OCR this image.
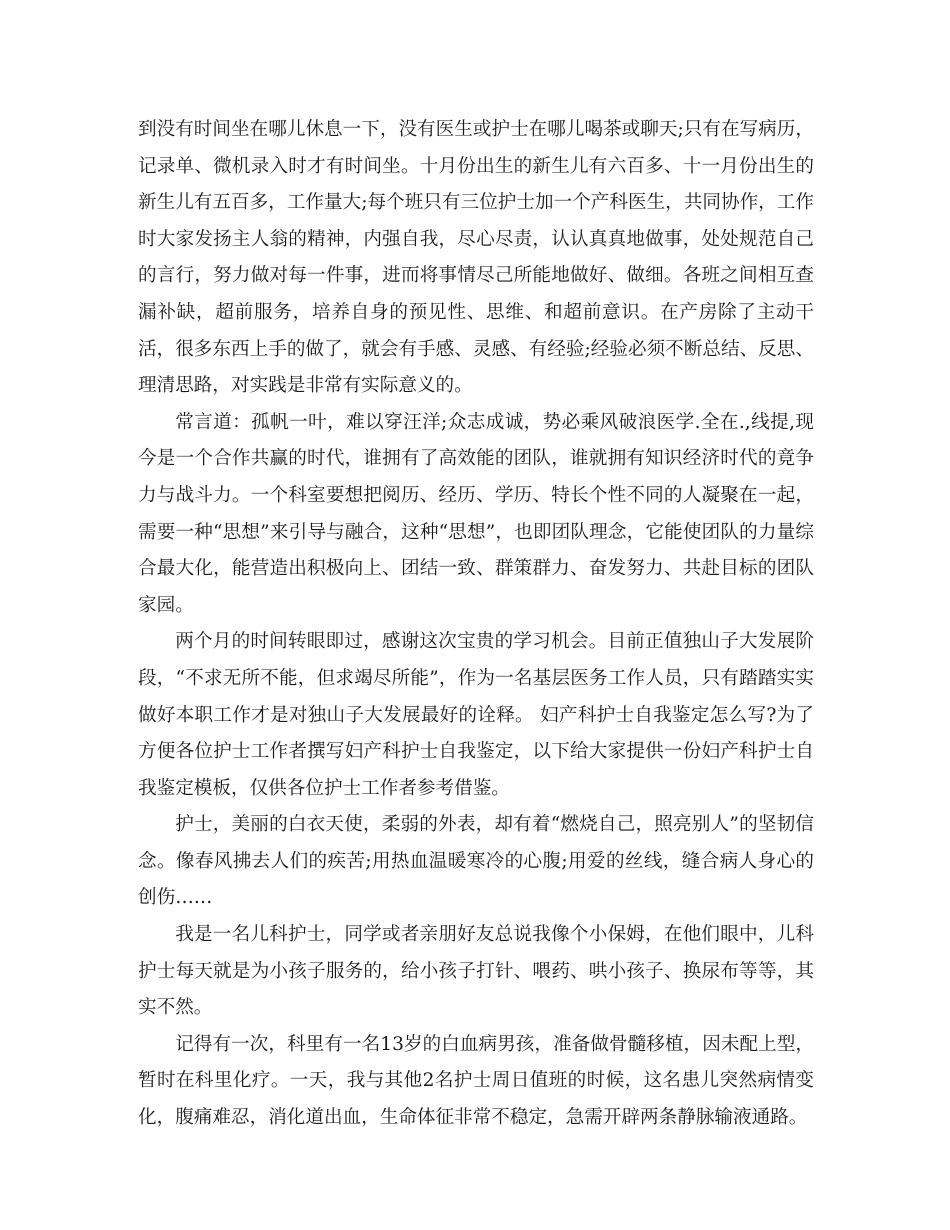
到没有时间坐在哪儿休息一下，没有医生或护士在哪儿喝茶或聊天;只有在写病历，记录单、微机录入时才有时间坐。十月份出生的新生儿有六百多、十一月份出生的新生儿有五百多，工作量大;每个班只有三位护士加一个产科医生，共同协作，工作时大家发扬主人翁的精神，内强自我，尽心尽责，认认真真地做事，处处规范自己的言行，努力做对每一件事，进而将事情尽己所能地做好、做细。各班之间相互查漏补缺，超前服务，培养自身的预见性、思维、和超前意识。在产房除了主动干活，很多东西上手的做了，就会有手感、灵感、有经验;经验必须不断总结、反思、理清思路，对实践是非常有实际意义的。

常言道：孤帆一叶，难以穿汪洋;众志成诚，势必乘风破浪医学.全在.,线提,现今是一个合作共赢的时代，谁拥有了高效能的团队，谁就拥有知识经济时代的竟争力与战斗力。一个科室要想把阅历、经历、学历、特长个性不同的人凝聚在一起，需要一种“思想”来引导与融合，这种“思想”，也即团队理念，它能使团队的力量综合最大化，能营造出积极向上、团结一致、群策群力、奋发努力、共赴目标的团队家园。

两个月的时间转眼即过，感谢这次宝贵的学习机会。目前正值独山子大发展阶段，“不求无所不能，但求竭尽所能”，作为一名基层医务工作人员，只有踏踏实实做好本职工作才是对独山子大发展最好的诠释。 妇产科护士自我鉴定怎么写?为了方便各位护士工作者撰写妇产科护士自我鉴定，以下给大家提供一份妇产科护士自我鉴定模板，仅供各位护士工作者参考借鉴。

护士，美丽的白衣天使，柔弱的外表，却有着“燃烧自己，照亮别人”的坚韧信念。像春风拂去人们的疾苦;用热血温暖寒冷的心腹;用爱的丝线，缝合病人身心的创伤……

我是一名儿科护士，同学或者亲朋好友总说我像个小保姆，在他们眼中，儿科护士每天就是为小孩子服务的，给小孩子打针、喂药、哄小孩子、换尿布等等，其实不然。

记得有一次，科里有一名13岁的白血病男孩，准备做骨髓移植，因未配上型，暂时在科里化疗。一天，我与其他2名护士周日值班的时候，这名患儿突然病情变化，腹痛难忍，消化道出血，生命体征非常不稳定，急需开辟两条静脉输液通路。
